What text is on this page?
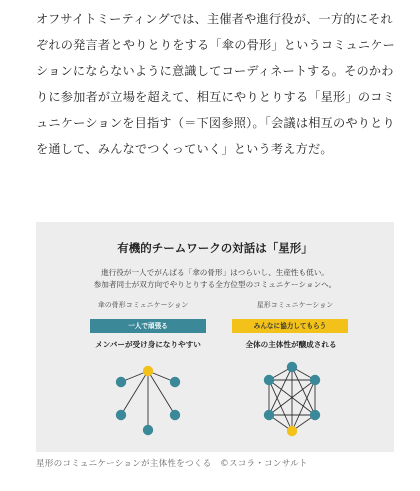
オフサイトミーティングでは、主催者や進行役が、一方的にそれぞれの発言者とやりとりをする「傘の骨形」というコミュニケーションにならないように意識してコーディネートする。そのかわりに参加者が立場を超えて、相互にやりとりする「星形」のコミュニケーションを目指す（＝下図参照）。「会議は相互のやりとりを通して、みんなでつくっていく」という考え方だ。

有機的チームワークの対話は「星形」
進行役が一人でがんばる「傘の骨形」はつらいし、生産性も低い。
参加者同士が双方向でやりとりする全方位型のコミュニケーションへ。
傘の骨形コミュニケーション
一人で頑張る
メンバーが受け身になりやすい
星形コミュニケーション
みんなに協力してもらう
全体の主体性が醸成される
星形のコミュニケーションが主体性をつくる　©スコラ・コンサルト
